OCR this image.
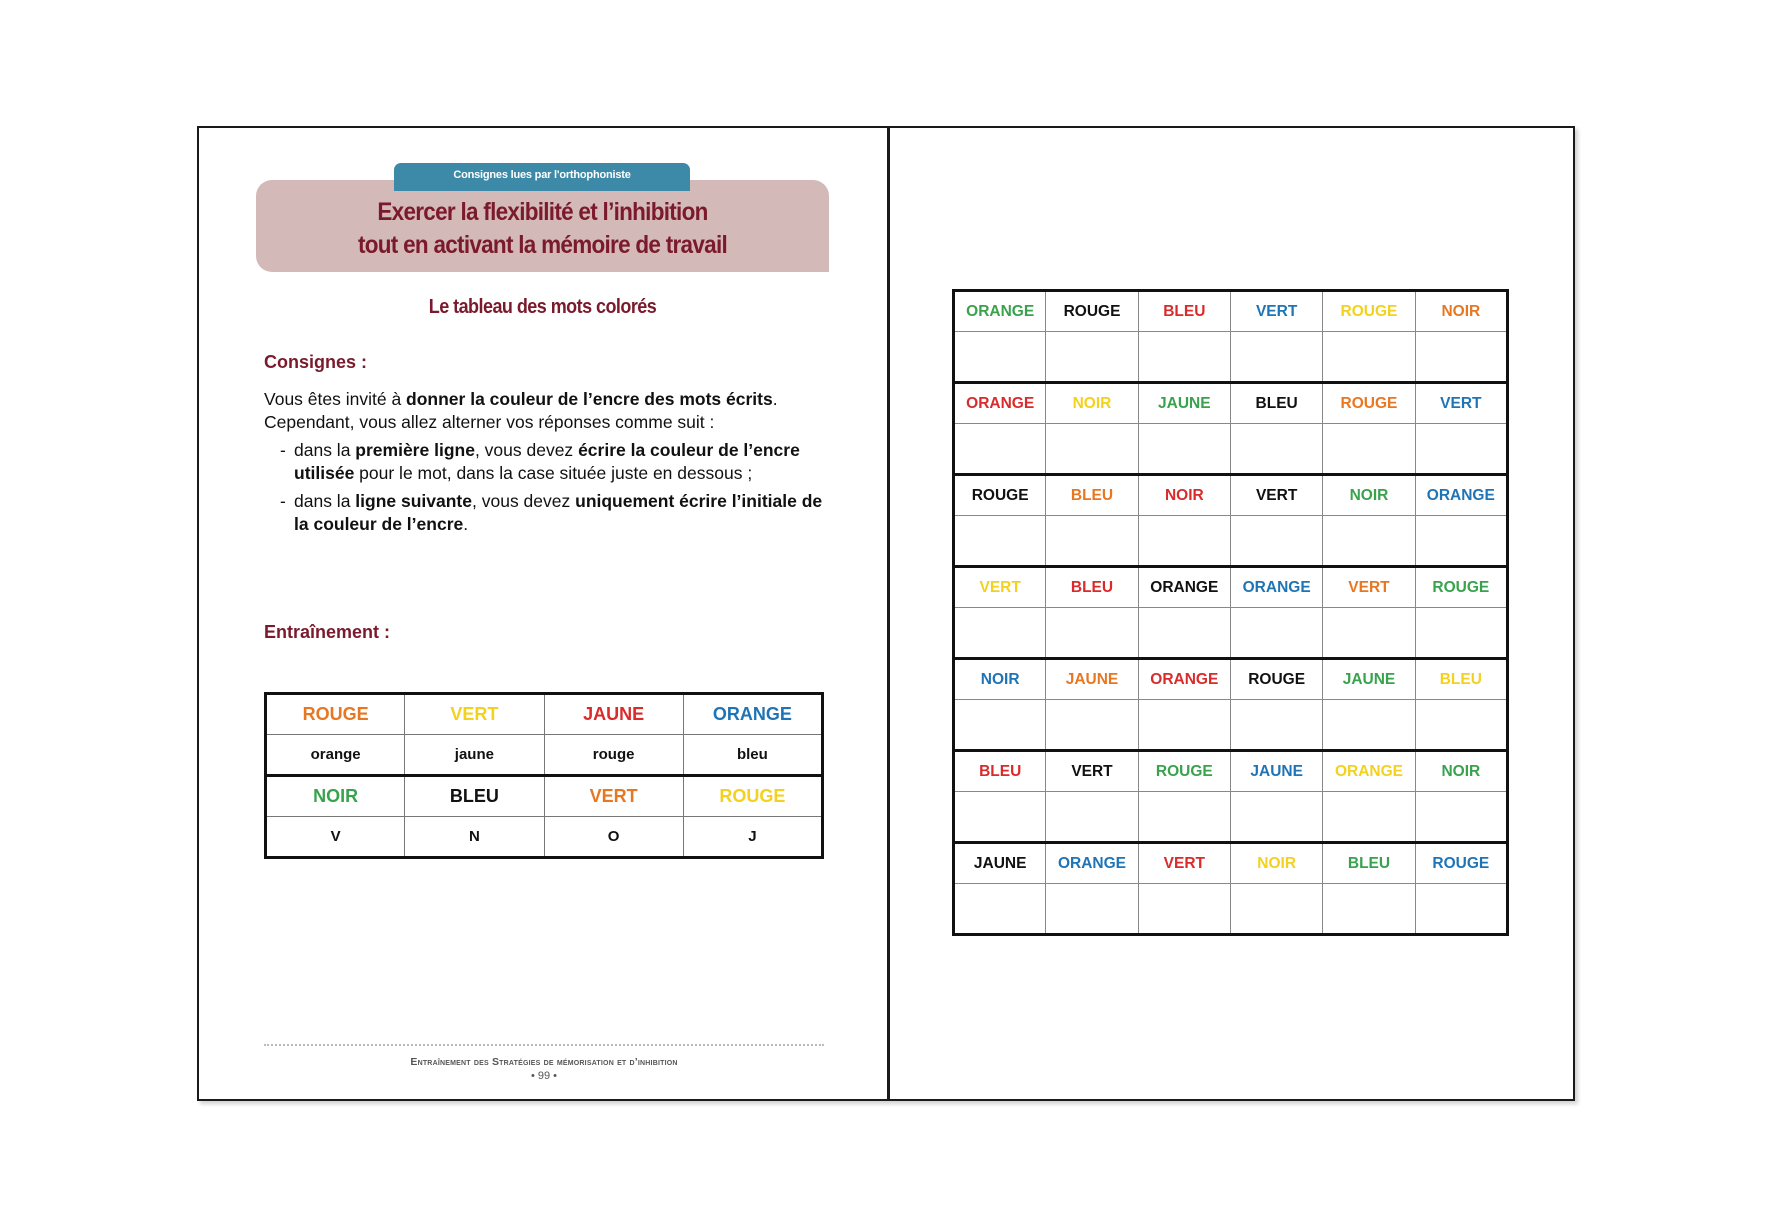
Consignes lues par l'orthophoniste
Exercer la flexibilité et l’inhibition
tout en activant la mémoire de travail
Le tableau des mots colorés
Consignes :

Vous êtes invité à donner la couleur de l’encre des mots écrits. Cependant, vous allez alterner vos réponses comme suit :

- dans la première ligne, vous devez écrire la couleur de l’encre utilisée pour le mot, dans la case située juste en dessous ;
- dans la ligne suivante, vous devez uniquement écrire l’initiale de la couleur de l’encre.
Entraînement :
ROUGE	VERT	JAUNE	ORANGE
orange	jaune	rouge	bleu
NOIR	BLEU	VERT	ROUGE
V	N	O	J
Entraînement des Stratégies de mémorisation et d’inhibition
• 99 •
ORANGE	ROUGE	BLEU	VERT	ROUGE	NOIR

ORANGE	NOIR	JAUNE	BLEU	ROUGE	VERT

ROUGE	BLEU	NOIR	VERT	NOIR	ORANGE

VERT	BLEU	ORANGE	ORANGE	VERT	ROUGE

NOIR	JAUNE	ORANGE	ROUGE	JAUNE	BLEU

BLEU	VERT	ROUGE	JAUNE	ORANGE	NOIR

JAUNE	ORANGE	VERT	NOIR	BLEU	ROUGE
